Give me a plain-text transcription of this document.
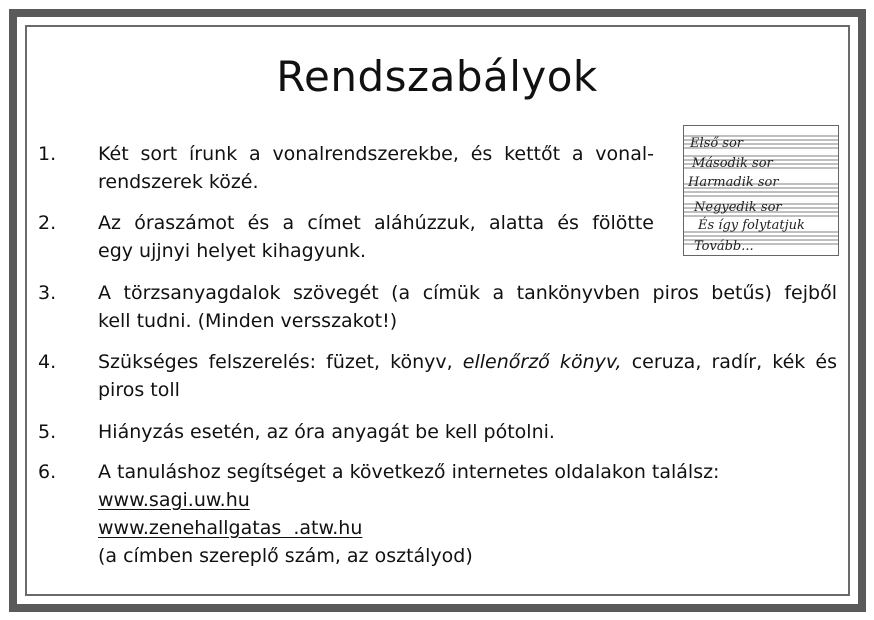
Rendszabályok
Első sor
Második sor
Harmadik sor
Negyedik sor
És így folytatjuk
Tovább...
1.	Két sort írunk a vonalrendszerekbe, és kettőt a vonal-
rendszerek közé.
2.	Az óraszámot és a címet aláhúzzuk, alatta és fölötte
egy ujjnyi helyet kihagyunk.
3.	A törzsanyagdalok szövegét (a címük a tankönyvben piros betűs) fejből
kell tudni. (Minden versszakot!)
4.	Szükséges felszerelés: füzet, könyv, ellenőrző könyv, ceruza, radír, kék és
piros toll
5.	Hiányzás esetén, az óra anyagát be kell pótolni.
6.	A tanuláshoz segítséget a következő internetes oldalakon találsz:
www.sagi.uw.hu
www.zenehallgatas  .atw.hu
(a címben szereplő szám, az osztályod)
